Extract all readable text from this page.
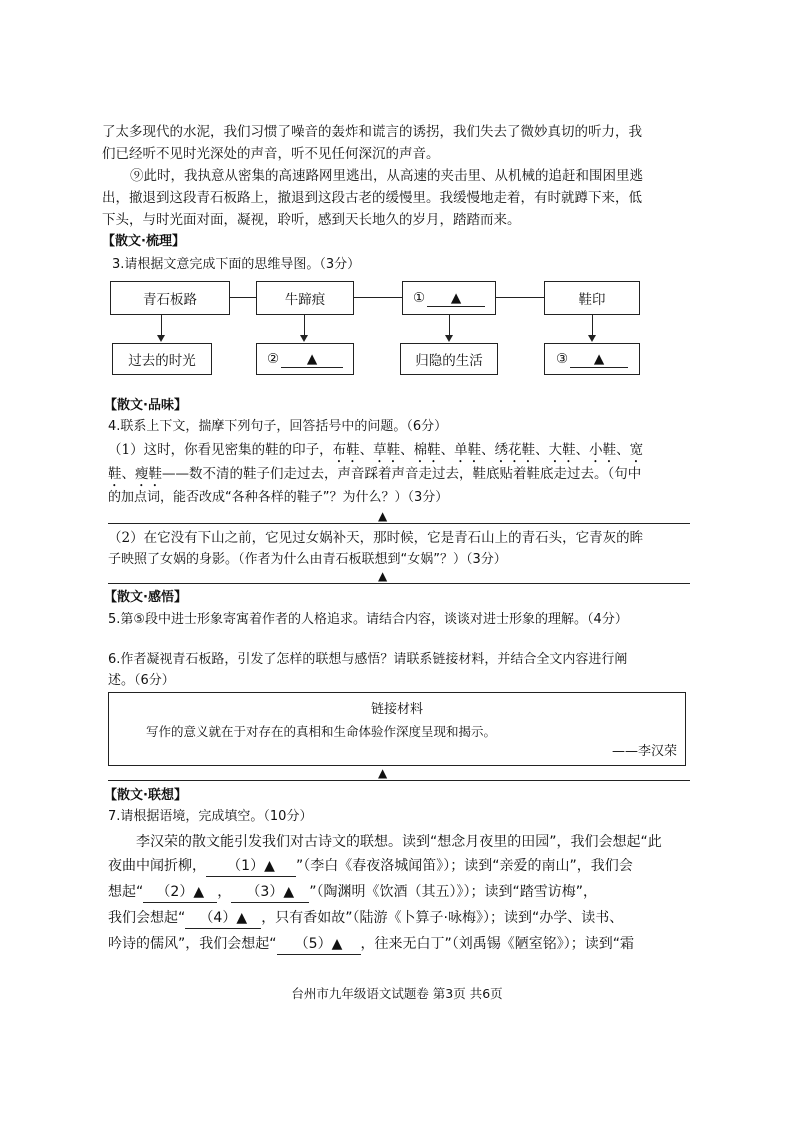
了太多现代的水泥，我们习惯了噪音的轰炸和谎言的诱拐，我们失去了微妙真切的听力，我
们已经听不见时光深处的声音，听不见任何深沉的声音。
⑨此时，我执意从密集的高速路网里逃出，从高速的夹击里、从机械的追赶和围困里逃
出，撤退到这段青石板路上，撤退到这段古老的缓慢里。我缓慢地走着，有时就蹲下来，低
下头，与时光面对面，凝视，聆听，感到天长地久的岁月，踏踏而来。
【散文·梳理】
3.请根据文意完成下面的思维导图。（3分）
青石板路	牛蹄痕	①	▲	鞋印
过去的时光	②	▲	归隐的生活	③	▲
【散文·品味】
4.联系上下文，揣摩下列句子，回答括号中的问题。（6分）
（1）这时，你看见密集的鞋的印子，布鞋、草鞋、棉鞋、单鞋、绣花鞋、大鞋、小鞋、宽
鞋、瘦鞋——数不清的鞋子们走过去，声音踩着声音走过去，鞋底贴着鞋底走过去。（句中
的加点词，能否改成“各种各样的鞋子”？为什么？）（3分）
▲
（2）在它没有下山之前，它见过女娲补天，那时候，它是青石山上的青石头，它青灰的眸
子映照了女娲的身影。（作者为什么由青石板联想到“女娲”？）（3分）
▲
【散文·感悟】
5.第⑤段中进士形象寄寓着作者的人格追求。请结合内容，谈谈对进士形象的理解。（4分）
6.作者凝视青石板路，引发了怎样的联想与感悟？请联系链接材料，并结合全文内容进行阐
述。（6分）
链接材料
写作的意义就在于对存在的真相和生命体验作深度呈现和揭示。
——李汉荣
▲
【散文·联想】
7.请根据语境，完成填空。（10分）
李汉荣的散文能引发我们对古诗文的联想。读到“想念月夜里的田园”，我们会想起“此
夜曲中闻折柳， （1）▲ ”（李白《春夜洛城闻笛》）；读到“亲爱的南山”，我们会
想起“ （2）▲ ， （3）▲ ”（陶渊明《饮酒（其五）》）；读到“踏雪访梅”，
我们会想起“ （4）▲ ，只有香如故”（陆游《卜算子·咏梅》）；读到“办学、读书、
吟诗的儒风”，我们会想起“ （5）▲ ，往来无白丁”（刘禹锡《陋室铭》）；读到“霜
台州市九年级语文试题卷 第3页 共6页
